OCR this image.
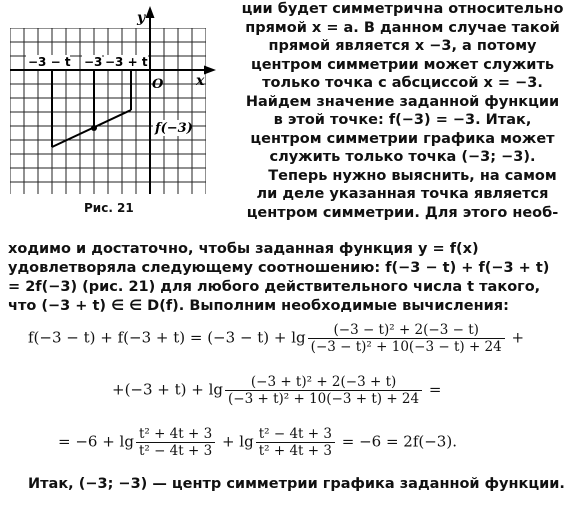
y
x
O
−3 − t −3 −3 + t
f(−3)
Рис. 21

ции будет симметрична относительно прямой x = a. В данном случае такой прямой является x −3, а потому центром симметрии может служить только точка с абсциссой x = −3. Найдем значение заданной функции в этой точке: f(−3) = −3. Итак, центром симметрии графика может служить только точка (−3; −3).

Теперь нужно выяснить, на самом ли деле указанная точка является центром симметрии. Для этого необ-

ходимо и достаточно, чтобы заданная функция y = f(x) удовлетворяла следующему соотношению: f(−3 − t) + f(−3 + t) = 2f(−3) (рис. 21) для любого действительного числа t такого, что (−3 + t) ∈ ∈ D(f). Выполним необходимые вычисления:
$f(-3 - t) + f(-3 + t) = (-3 - t) + \lg \frac{\text{(−3 − t)² + 2(−3 − t)}}{\text{(−3 − t)² + 10(−3 − t) + 24}}$ +
$+(-3 + t) + \lg \frac{\text{(−3 + t)² + 2(−3 + t)}}{\text{(−3 + t)² + 10(−3 + t) + 24}}$ =
= $-6 + \lg \frac{\text{t² + 4t + 3}}{\text{t² − 4t + 3}} + \lg \frac{\text{t² − 4t + 3}}{\text{t² + 4t + 3}} = -6 = 2f(-3)$.
Итак, (−3; −3) — центр симметрии графика заданной функции.
